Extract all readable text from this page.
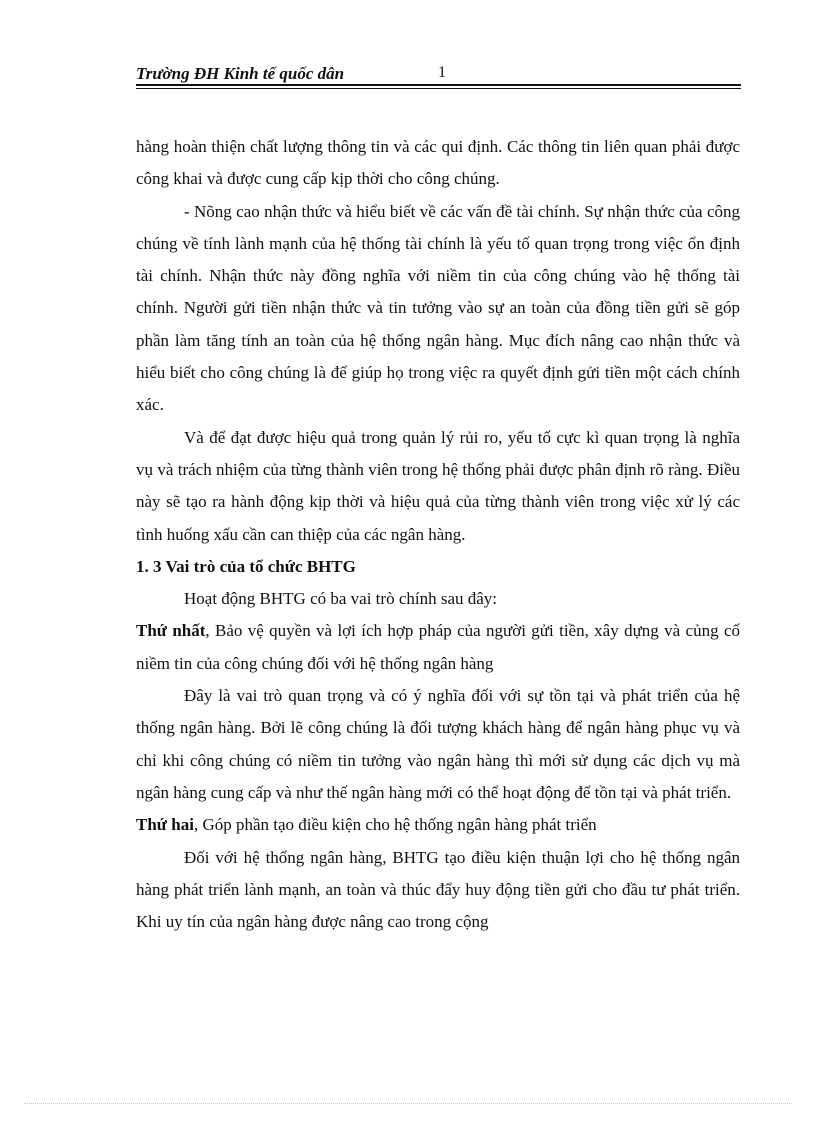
Trường ĐH Kinh tế quốc dân	1

hàng hoàn thiện chất lượng thông tin và các qui định. Các thông tin liên quan phải được công khai và được cung cấp kịp thời cho công chúng.

- Nõng cao nhận thức và hiểu biết về các vấn đề tài chính. Sự nhận thức của công chúng về tính lành mạnh của hệ thống tài chính là yếu tố quan trọng trong việc ổn định tài chính. Nhận thức này đồng nghĩa với niềm tin của công chúng vào hệ thống tài chính. Người gửi tiền nhận thức và tin tưởng vào sự an toàn của đồng tiền gửi sẽ góp phần làm tăng tính an toàn của hệ thống ngân hàng. Mục đích nâng cao nhận thức và hiểu biết cho công chúng là để giúp họ trong việc ra quyết định gửi tiền một cách chính xác.

Và để đạt được hiệu quả trong quản lý rủi ro, yếu tố cực kì quan trọng là nghĩa vụ và trách nhiệm của từng thành viên trong hệ thống phải được phân định rõ ràng. Điều này sẽ tạo ra hành động kịp thời và hiệu quả của từng thành viên trong việc xử lý các tình huống xấu cần can thiệp của các ngân hàng.

1. 3 Vai trò của tổ chức BHTG

Hoạt động BHTG có ba vai trò chính sau đây:

Thứ nhất, Bảo vệ quyền và lợi ích hợp pháp của người gửi tiền, xây dựng và củng cố niềm tin của công chúng đối với hệ thống ngân hàng

Đây là vai trò quan trọng và có ý nghĩa đối với sự tồn tại và phát triển của hệ thống ngân hàng. Bởi lẽ công chúng là đối tượng khách hàng để ngân hàng phục vụ và chỉ khi công chúng có niềm tin tưởng vào ngân hàng thì mới sử dụng các dịch vụ mà ngân hàng cung cấp và như thế ngân hàng mới có thể hoạt động để tồn tại và phát triển.

Thứ hai, Góp phần tạo điều kiện cho hệ thống ngân hàng phát triển

Đối với hệ thống ngân hàng, BHTG tạo điều kiện thuận lợi cho hệ thống ngân hàng phát triển lành mạnh, an toàn và thúc đẩy huy động tiền gửi cho đầu tư phát triển. Khi uy tín của ngân hàng được nâng cao trong cộng
